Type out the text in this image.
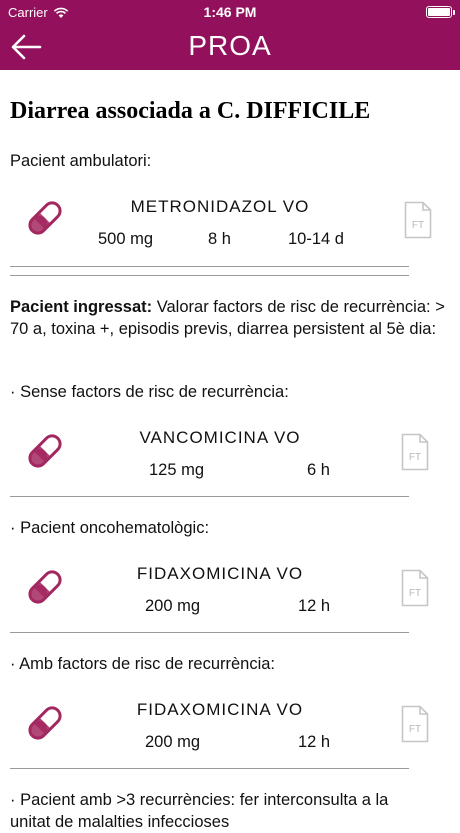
Carrier	1:46 PM
PROA
Diarrea associada a C. DIFFICILE
Pacient ambulatori:
METRONIDAZOL VO
500 mg	8 h	10-14 d
FT
Pacient ingressat: Valorar factors de risc de recurrència: > 70 a, toxina +, episodis previs, diarrea persistent al 5è dia:
· Sense factors de risc de recurrència:
VANCOMICINA VO
125 mg	6 h
FT
· Pacient oncohematològic:
FIDAXOMICINA VO
200 mg	12 h
FT
· Amb factors de risc de recurrència:
FIDAXOMICINA VO
200 mg	12 h
FT
· Pacient amb >3 recurrències: fer interconsulta a la
unitat de malalties infeccioses
